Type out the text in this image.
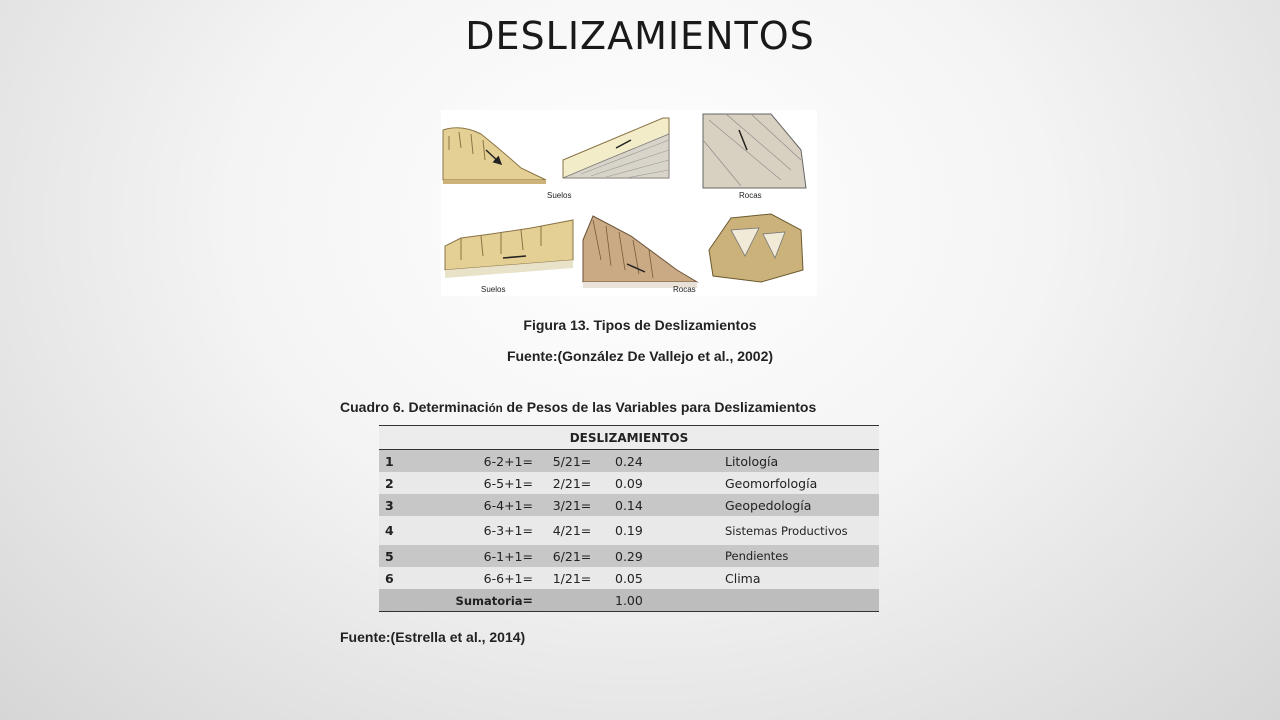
DESLIZAMIENTOS
Suelos	Rocas
Suelos	Rocas
Figura 13. Tipos de Deslizamientos
Fuente:(González De Vallejo et al., 2002)
Cuadro 6. Determinación de Pesos de las Variables para Deslizamientos
DESLIZAMIENTOS				
1	6-2+1=	5/21=	0.24	Litología
2	6-5+1=	2/21=	0.09	Geomorfología
3	6-4+1=	3/21=	0.14	Geopedología
4	6-3+1=	4/21=	0.19	Sistemas Productivos
5	6-1+1=	6/21=	0.29	Pendientes
6	6-6+1=	1/21=	0.05	Clima
	Sumatoria=		1.00	
Fuente:(Estrella et al., 2014)
